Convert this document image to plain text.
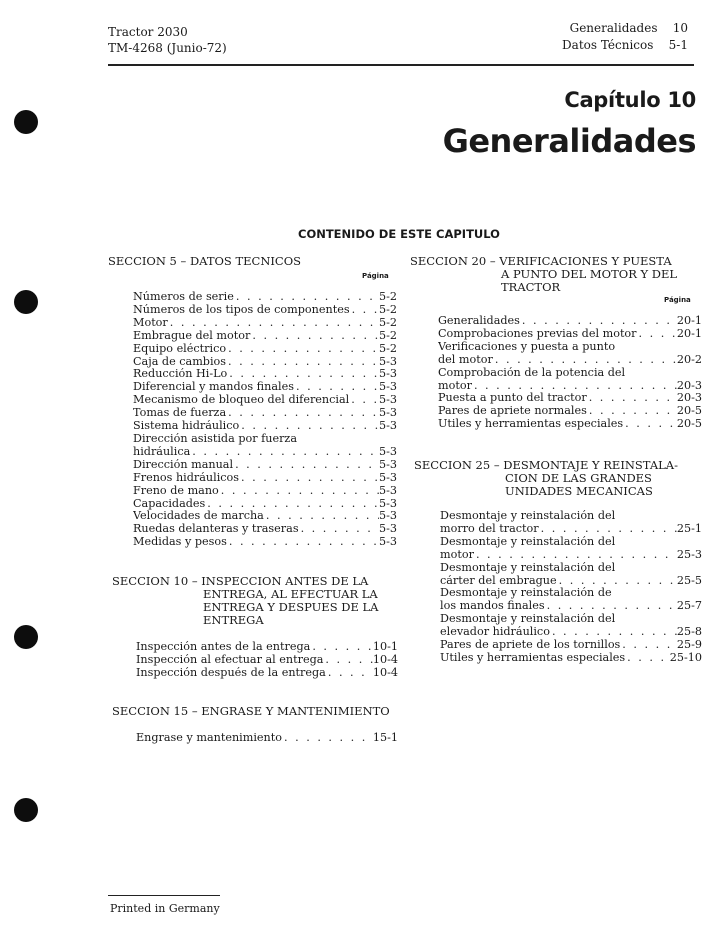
Tractor 2030
TM-4268 (Junio-72)
Generalidades    10
Datos Técnicos    5-1
Capítulo 10
Generalidades
CONTENIDO DE ESTE CAPITULO
SECCION 5 – DATOS TECNICOS
Página
Números de serie . . .	5-2
Números de los tipos de componentes . . .	5-2
Motor . . .	5-2
Embrague del motor . . .	5-2
Equipo eléctrico . . .	5-2
Caja de cambios . . .	5-3
Reducción Hi-Lo . . .	5-3
Diferencial y mandos finales . . .	5-3
Mecanismo de bloqueo del diferencial . . .	5-3
Tomas de fuerza . . .	5-3
Sistema hidráulico . . .	5-3
Dirección asistida por fuerza
hidráulica . . .	5-3
Dirección manual . . .	5-3
Frenos hidráulicos . . .	5-3
Freno de mano . . .	5-3
Capacidades . . .	5-3
Velocidades de marcha . . .	5-3
Ruedas delanteras y traseras . . .	5-3
Medidas y pesos . . .	5-3
SECCION 10 – INSPECCION ANTES DE LA
ENTREGA, AL EFECTUAR LA
ENTREGA Y DESPUES DE LA
ENTREGA
Inspección antes de la entrega . . .	10-1
Inspección al efectuar al entrega . . .	10-4
Inspección después de la entrega . . .	10-4
SECCION 15 – ENGRASE Y MANTENIMIENTO
Engrase y mantenimiento . . .	15-1
SECCION 20 – VERIFICACIONES Y PUESTA
A PUNTO DEL MOTOR Y DEL
TRACTOR
Página
Generalidades . . .	20-1
Comprobaciones previas del motor . . .	20-1
Verificaciones y puesta a punto
del motor . . .	20-2
Comprobación de la potencia del
motor . . .	20-3
Puesta a punto del tractor . . .	20-3
Pares de apriete normales . . .	20-5
Utiles y herramientas especiales . . .	20-5
SECCION 25 – DESMONTAJE Y REINSTALA-
CION DE LAS GRANDES
UNIDADES MECANICAS
Desmontaje y reinstalación del
morro del tractor . . .	25-1
Desmontaje y reinstalación del
motor . . .	25-3
Desmontaje y reinstalación del
cárter del embrague . . .	25-5
Desmontaje y reinstalación de
los mandos finales . . .	25-7
Desmontaje y reinstalación del
elevador hidráulico . . .	25-8
Pares de apriete de los tornillos . . .	25-9
Utiles y herramientas especiales . . .	25-10
Printed in Germany
